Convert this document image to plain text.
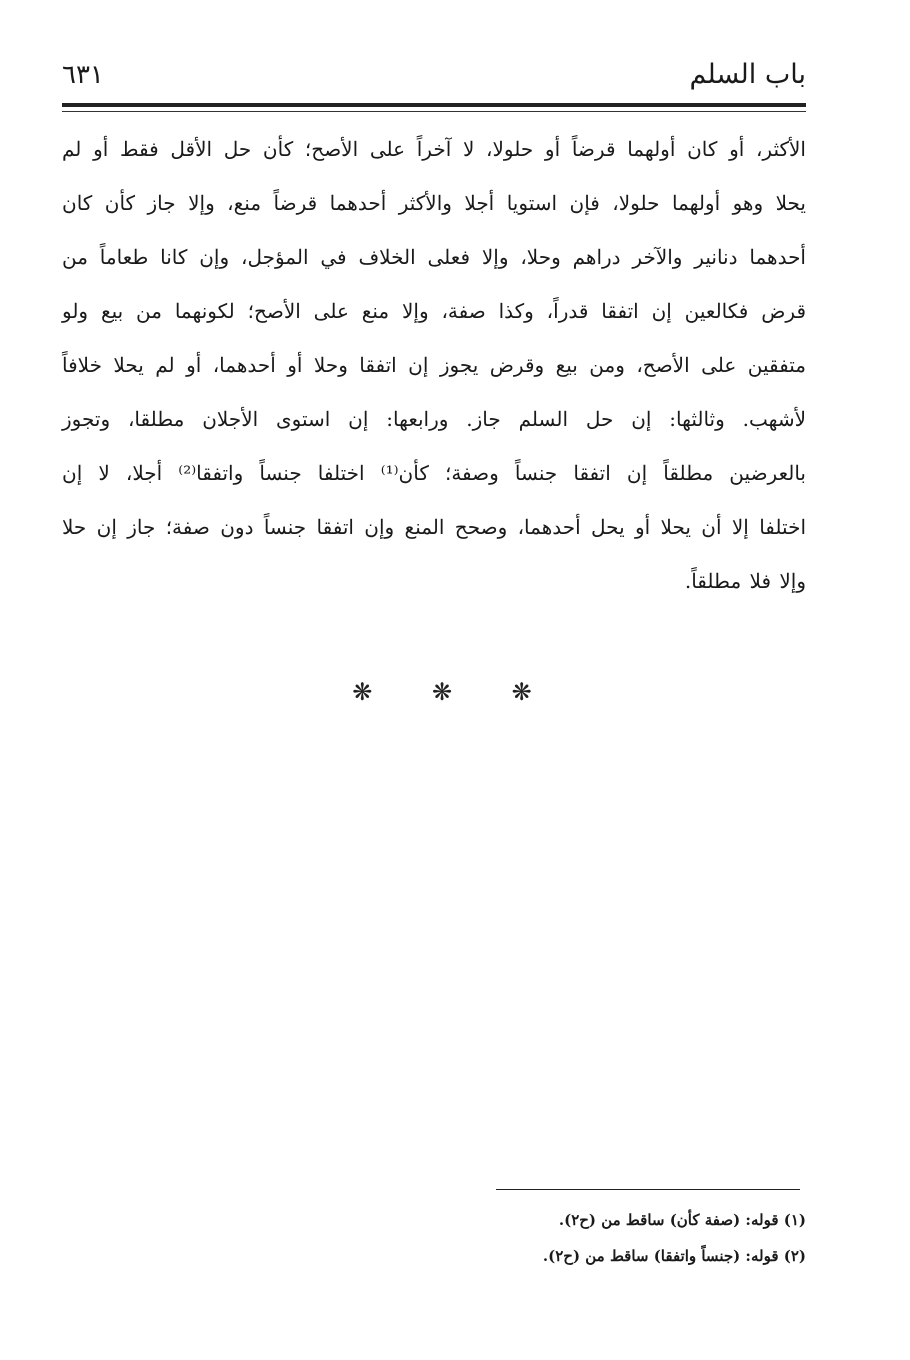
باب السلم
٦٣١
الأكثر، أو كان أولهما قرضاً أو حلولا، لا آخراً على الأصح؛ كأن حل الأقل فقط أو لم
يحلا وهو أولهما حلولا، فإن استويا أجلا والأكثر أحدهما قرضاً منع، وإلا جاز كأن كان
أحدهما دنانير والآخر دراهم وحلا، وإلا فعلى الخلاف في المؤجل، وإن كانا طعاماً من
قرض فكالعين إن اتفقا قدراً، وكذا صفة، وإلا منع على الأصح؛ لكونهما من بيع ولو
متفقين على الأصح، ومن بيع وقرض يجوز إن اتفقا وحلا أو أحدهما، أو لم يحلا خلافاً
لأشهب. وثالثها: إن حل السلم جاز. ورابعها: إن استوى الأجلان مطلقا، وتجوز
بالعرضين مطلقاً إن اتفقا جنساً وصفة؛ كأن⁽¹⁾ اختلفا جنساً واتفقا⁽²⁾ أجلا، لا إن
اختلفا إلا أن يحلا أو يحل أحدهما، وصحح المنع وإن اتفقا جنساً دون صفة؛ جاز إن حلا
وإلا فلا مطلقاً.
❋ ❋ ❋
(١) قوله: (صفة كأن) ساقط من (ح٢).
(٢) قوله: (جنساً واتفقا) ساقط من (ح٢).
